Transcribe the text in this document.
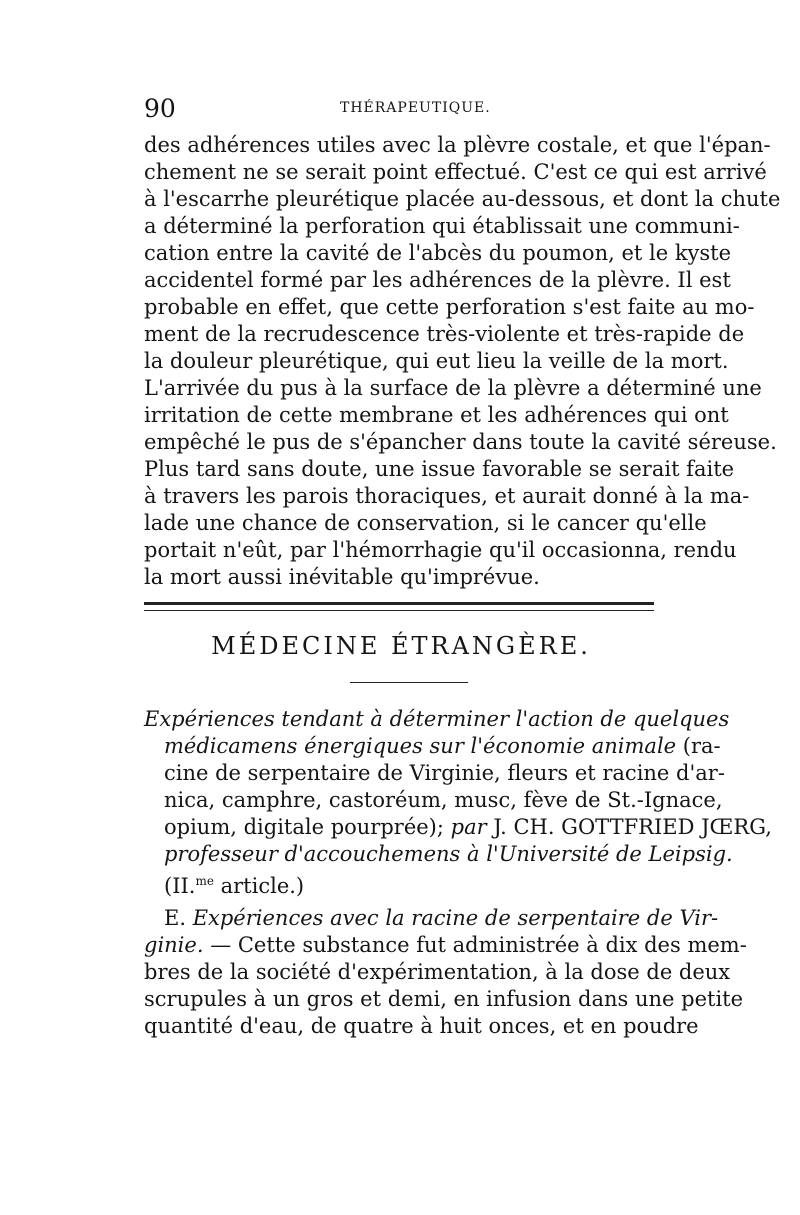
90	THÉRAPEUTIQUE.
des adhérences utiles avec la plèvre costale, et que l'épan-
chement ne se serait point effectué. C'est ce qui est arrivé
à l'escarrhe pleurétique placée au-dessous, et dont la chute
a déterminé la perforation qui établissait une communi-
cation entre la cavité de l'abcès du poumon, et le kyste
accidentel formé par les adhérences de la plèvre. Il est
probable en effet, que cette perforation s'est faite au mo-
ment de la recrudescence très-violente et très-rapide de
la douleur pleurétique, qui eut lieu la veille de la mort.
L'arrivée du pus à la surface de la plèvre a déterminé une
irritation de cette membrane et les adhérences qui ont
empêché le pus de s'épancher dans toute la cavité séreuse.
Plus tard sans doute, une issue favorable se serait faite
à travers les parois thoraciques, et aurait donné à la ma-
lade une chance de conservation, si le cancer qu'elle
portait n'eût, par l'hémorrhagie qu'il occasionna, rendu
la mort aussi inévitable qu'imprévue.
MÉDECINE ÉTRANGÈRE.
Expériences tendant à déterminer l'action de quelques
médicamens énergiques sur l'économie animale (ra-
cine de serpentaire de Virginie, fleurs et racine d'ar-
nica, camphre, castoréum, musc, fève de St.-Ignace,
opium, digitale pourprée); par J. CH. GOTTFRIED JŒRG,
professeur d'accouchemens à l'Université de Leipsig.
(II.$^{me}$ article.)
E. Expériences avec la racine de serpentaire de Vir-
ginie. — Cette substance fut administrée à dix des mem-
bres de la société d'expérimentation, à la dose de deux
scrupules à un gros et demi, en infusion dans une petite
quantité d'eau, de quatre à huit onces, et en poudre
